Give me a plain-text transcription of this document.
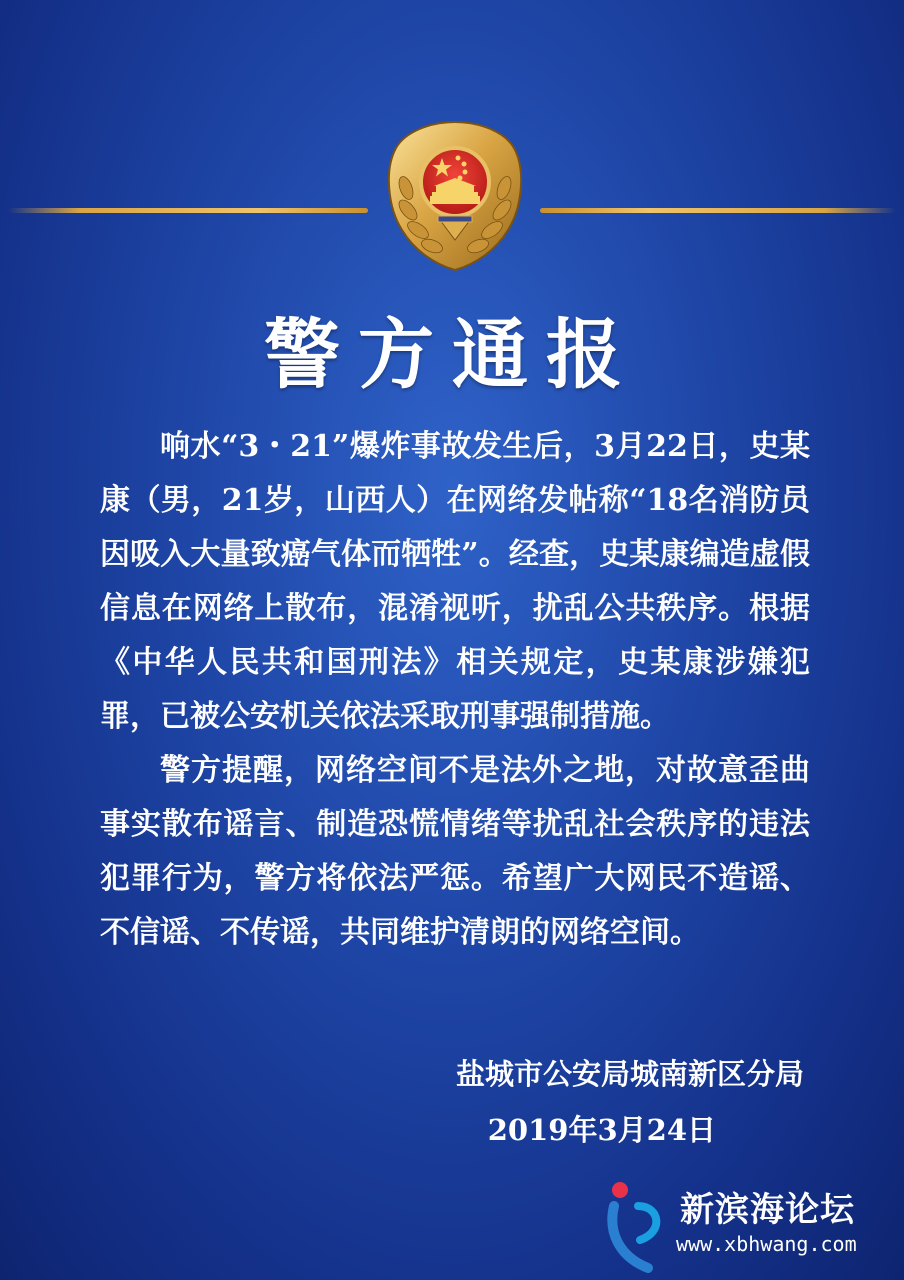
警方通报

响水“3・21”爆炸事故发生后，3月22日，史某康（男，21岁，山西人）在网络发帖称“18名消防员因吸入大量致癌气体而牺牲”。经查，史某康编造虚假信息在网络上散布，混淆视听，扰乱公共秩序。根据《中华人民共和国刑法》相关规定，史某康涉嫌犯罪，已被公安机关依法采取刑事强制措施。

警方提醒，网络空间不是法外之地，对故意歪曲事实散布谣言、制造恐慌情绪等扰乱社会秩序的违法犯罪行为，警方将依法严惩。希望广大网民不造谣、不信谣、不传谣，共同维护清朗的网络空间。

盐城市公安局城南新区分局
2019年3月24日
新滨海论坛
www.xbhwang.com
